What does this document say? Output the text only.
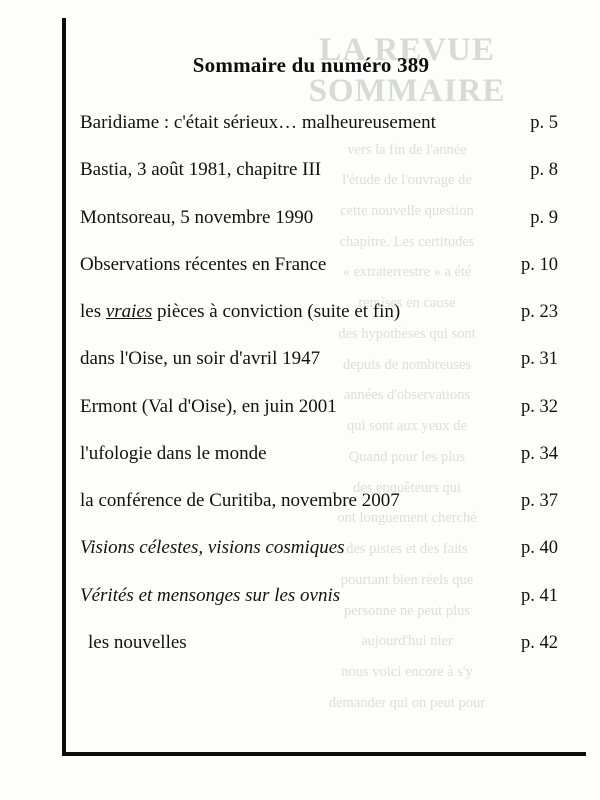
LA REVUE
SOMMAIRE
vers la fin de l'année
l'étude de l'ouvrage de
cette nouvelle question
chapitre. Les certitudes
« extraterrestre » a été
remises en cause
des hypothèses qui sont
depuis de nombreuses
années d'observations
qui sont aux yeux de
Quand pour les plus
des enquêteurs qui
ont longuement cherché
des pistes et des faits
pourtant bien réels que
personne ne peut plus
aujourd'hui nier
nous voici encore à s'y
demander qui on peut pour
Sommaire du numéro 389
Baridiame : c'était sérieux… malheureusement	p. 5
Bastia, 3 août 1981, chapitre III	p. 8
Montsoreau, 5 novembre 1990	p. 9
Observations récentes en France	p. 10
les vraies pièces à conviction (suite et fin)	p. 23
dans l'Oise, un soir d'avril 1947	p. 31
Ermont (Val d'Oise), en juin 2001	p. 32
l'ufologie dans le monde	p. 34
la conférence de Curitiba, novembre 2007	p. 37
Visions célestes, visions cosmiques	p. 40
Vérités et mensonges sur les ovnis	p. 41
les nouvelles	p. 42
